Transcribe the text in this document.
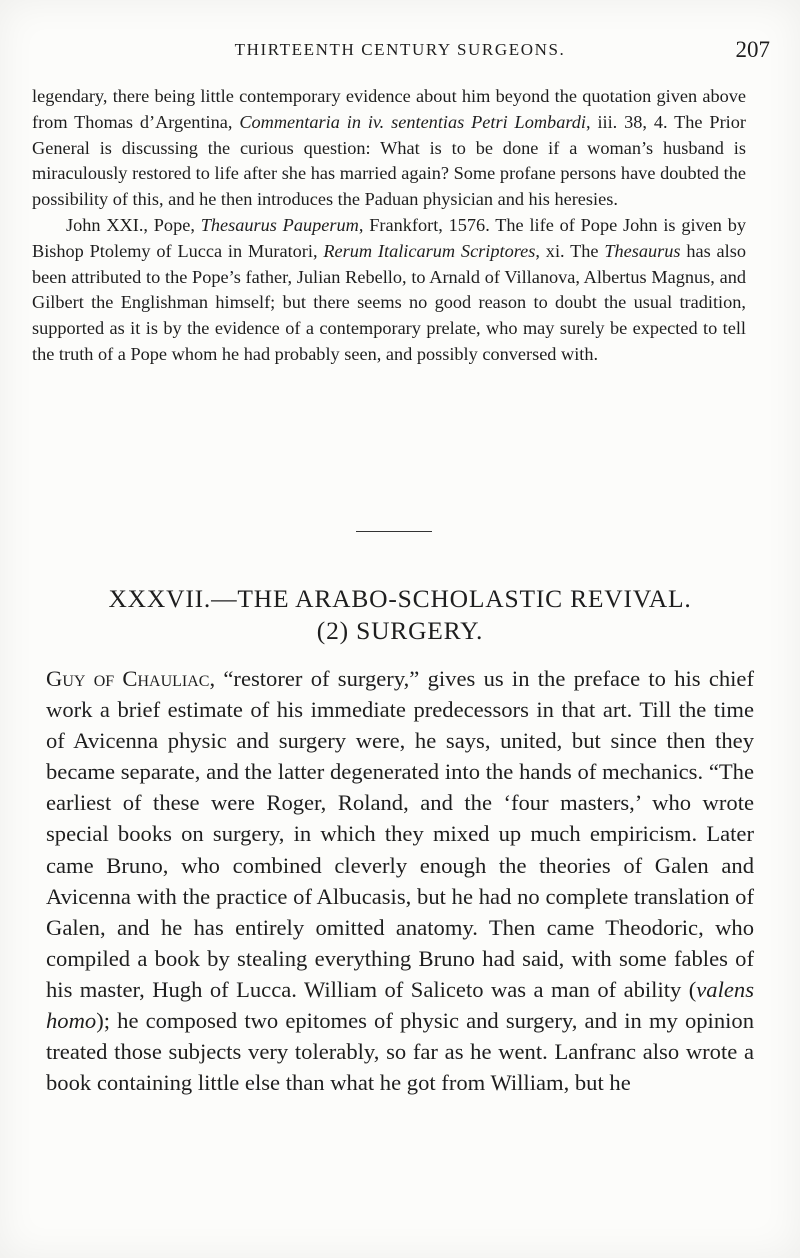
THIRTEENTH CENTURY SURGEONS.	207

legendary, there being little contemporary evidence about him beyond the quotation given above from Thomas d’Argentina, Commentaria in iv. sententias Petri Lombardi, iii. 38, 4. The Prior General is discussing the curious question: What is to be done if a woman’s husband is miraculously restored to life after she has married again? Some profane persons have doubted the possibility of this, and he then introduces the Paduan physician and his heresies.

John XXI., Pope, Thesaurus Pauperum, Frankfort, 1576. The life of Pope John is given by Bishop Ptolemy of Lucca in Muratori, Rerum Italicarum Scriptores, xi. The Thesaurus has also been attributed to the Pope’s father, Julian Rebello, to Arnald of Villanova, Albertus Magnus, and Gilbert the Englishman himself; but there seems no good reason to doubt the usual tradition, supported as it is by the evidence of a contemporary prelate, who may surely be expected to tell the truth of a Pope whom he had probably seen, and possibly conversed with.

XXXVII.—THE ARABO-SCHOLASTIC REVIVAL.
(2) SURGERY.

Guy of Chauliac, “restorer of surgery,” gives us in the preface to his chief work a brief estimate of his immediate predecessors in that art. Till the time of Avicenna physic and surgery were, he says, united, but since then they became separate, and the latter degenerated into the hands of mechanics. “The earliest of these were Roger, Roland, and the ‘four masters,’ who wrote special books on surgery, in which they mixed up much empiricism. Later came Bruno, who combined cleverly enough the theories of Galen and Avicenna with the practice of Albucasis, but he had no complete translation of Galen, and he has entirely omitted anatomy. Then came Theodoric, who compiled a book by stealing everything Bruno had said, with some fables of his master, Hugh of Lucca. William of Saliceto was a man of ability (valens homo); he composed two epitomes of physic and surgery, and in my opinion treated those subjects very tolerably, so far as he went. Lanfranc also wrote a book containing little else than what he got from William, but he
